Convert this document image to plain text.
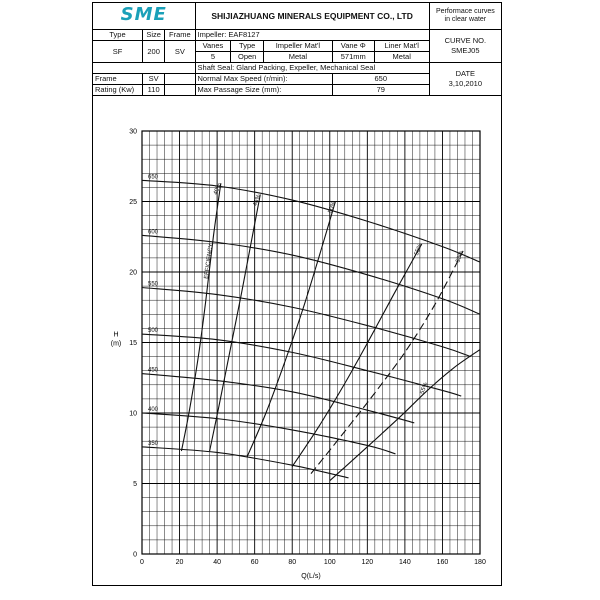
SME			SHIJIAZHUANG MINERALS EQUIPMENT CO., LTD					Performace curves
in clear water
Type	Size	Frame	Impeller: EAF8127					CURVE NO.
SMEJ05
SF	200	SV	Vanes	Type	Impeller Mat'l	Vane Φ	Liner Mat'l	
			5	Open	Metal	571mm	Metal	
			Shaft Seal: Gland Packing, Expeller, Mechanical Seal					DATE
3,10,2010
Frame	SV		Normal Max Speed (r/min):			650		
Rating (Kw)	110		Max Passage Size (mm):			79		
0	20	40	60	80	100	120	140	160	180
0
5
10
15
20
25
30
Q(L/s)
H
(m)
650
600
550
500
450
400
350
40%
46%
50%
55%
58%
55%
EFFICIENCY
